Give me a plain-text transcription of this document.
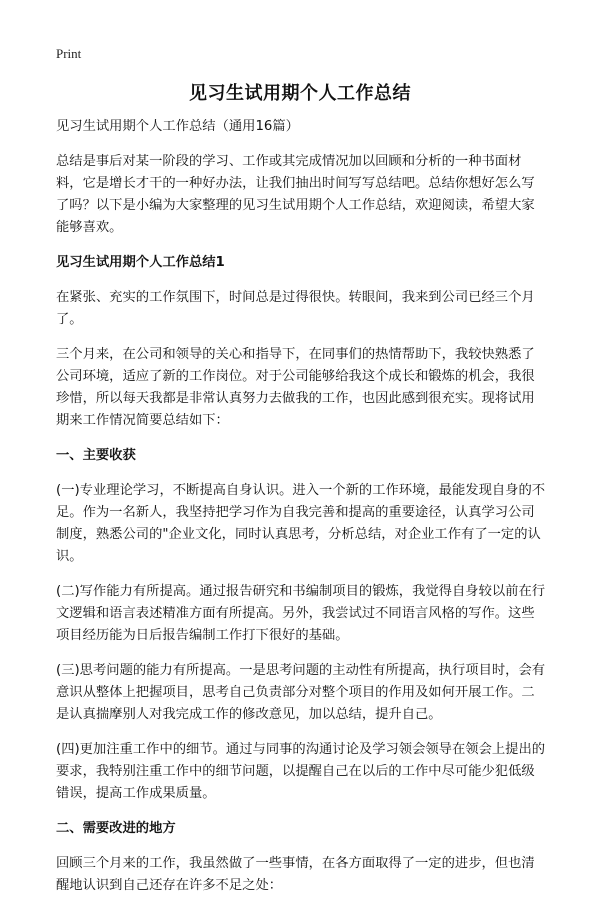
Print
见习生试用期个人工作总结

见习生试用期个人工作总结（通用16篇）

总结是事后对某一阶段的学习、工作或其完成情况加以回顾和分析的一种书面材料，它是增长才干的一种好办法，让我们抽出时间写写总结吧。总结你想好怎么写了吗？以下是小编为大家整理的见习生试用期个人工作总结，欢迎阅读，希望大家能够喜欢。

见习生试用期个人工作总结1

在紧张、充实的工作氛围下，时间总是过得很快。转眼间，我来到公司已经三个月了。

三个月来，在公司和领导的关心和指导下，在同事们的热情帮助下，我较快熟悉了公司环境，适应了新的工作岗位。对于公司能够给我这个成长和锻炼的机会，我很珍惜，所以每天我都是非常认真努力去做我的工作，也因此感到很充实。现将试用期来工作情况简要总结如下：

一、主要收获

(一)专业理论学习，不断提高自身认识。进入一个新的工作环境，最能发现自身的不足。作为一名新人，我坚持把学习作为自我完善和提高的重要途径，认真学习公司制度，熟悉公司的"企业文化，同时认真思考，分析总结，对企业工作有了一定的认识。

(二)写作能力有所提高。通过报告研究和书编制项目的锻炼，我觉得自身较以前在行文逻辑和语言表述精准方面有所提高。另外，我尝试过不同语言风格的写作。这些项目经历能为日后报告编制工作打下很好的基础。

(三)思考问题的能力有所提高。一是思考问题的主动性有所提高，执行项目时，会有意识从整体上把握项目，思考自己负责部分对整个项目的作用及如何开展工作。二是认真揣摩别人对我完成工作的修改意见，加以总结，提升自己。

(四)更加注重工作中的细节。通过与同事的沟通讨论及学习领会领导在领会上提出的要求，我特别注重工作中的细节问题，以提醒自己在以后的工作中尽可能少犯低级错误，提高工作成果质量。

二、需要改进的地方

回顾三个月来的工作，我虽然做了一些事情，在各方面取得了一定的进步，但也清醒地认识到自己还存在许多不足之处：
